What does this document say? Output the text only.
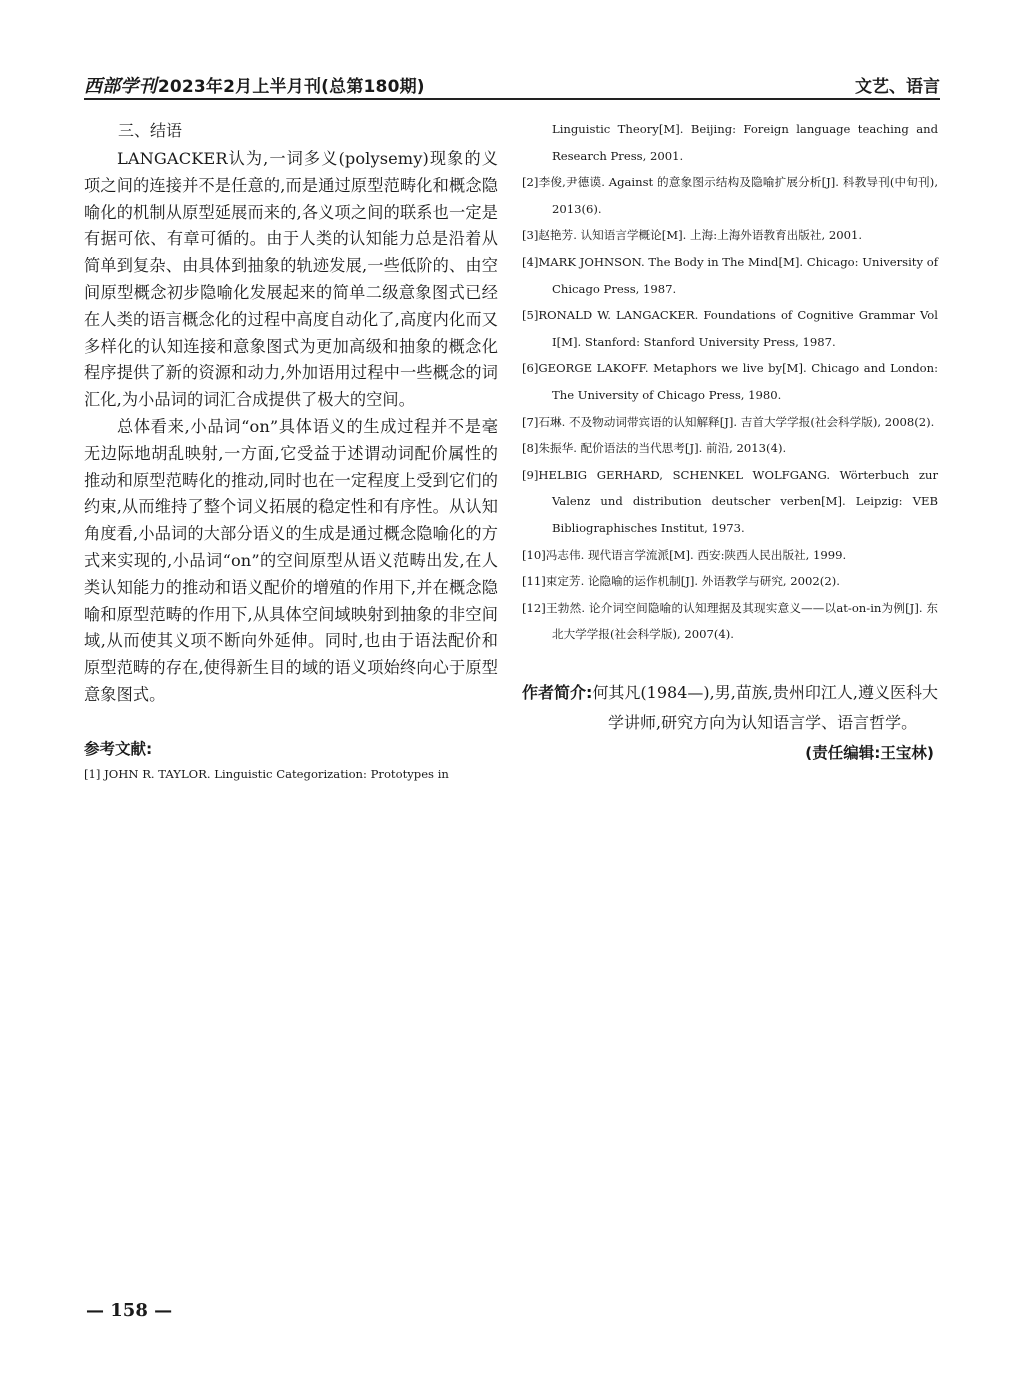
西部学刊2023年2月上半月刊(总第180期)	文艺、语言
三、结语

LANGACKER认为,一词多义(polysemy)现象的义项之间的连接并不是任意的,而是通过原型范畴化和概念隐喻化的机制从原型延展而来的,各义项之间的联系也一定是有据可依、有章可循的。由于人类的认知能力总是沿着从简单到复杂、由具体到抽象的轨迹发展,一些低阶的、由空间原型概念初步隐喻化发展起来的简单二级意象图式已经在人类的语言概念化的过程中高度自动化了,高度内化而又多样化的认知连接和意象图式为更加高级和抽象的概念化程序提供了新的资源和动力,外加语用过程中一些概念的词汇化,为小品词的词汇合成提供了极大的空间。

总体看来,小品词“on”具体语义的生成过程并不是毫无边际地胡乱映射,一方面,它受益于述谓动词配价属性的推动和原型范畴化的推动,同时也在一定程度上受到它们的约束,从而维持了整个词义拓展的稳定性和有序性。从认知角度看,小品词的大部分语义的生成是通过概念隐喻化的方式来实现的,小品词“on”的空间原型从语义范畴出发,在人类认知能力的推动和语义配价的增殖的作用下,并在概念隐喻和原型范畴的作用下,从具体空间域映射到抽象的非空间域,从而使其义项不断向外延伸。同时,也由于语法配价和原型范畴的存在,使得新生目的域的语义项始终向心于原型意象图式。

参考文献:

[1] JOHN R. TAYLOR. Linguistic Categorization: Prototypes in

Linguistic Theory[M]. Beijing: Foreign language teaching and Research Press, 2001.

[2]李俊,尹德谟. Against 的意象图示结构及隐喻扩展分析[J]. 科教导刊(中旬刊), 2013(6).

[3]赵艳芳. 认知语言学概论[M]. 上海:上海外语教育出版社, 2001.

[4]MARK JOHNSON. The Body in The Mind[M]. Chicago: University of Chicago Press, 1987.

[5]RONALD W. LANGACKER. Foundations of Cognitive Grammar Vol Ⅰ[M]. Stanford: Stanford University Press, 1987.

[6]GEORGE LAKOFF. Metaphors we live by[M]. Chicago and London: The University of Chicago Press, 1980.

[7]石琳. 不及物动词带宾语的认知解释[J]. 吉首大学学报(社会科学版), 2008(2).

[8]朱振华. 配价语法的当代思考[J]. 前沿, 2013(4).

[9]HELBIG GERHARD, SCHENKEL WOLFGANG. Wörterbuch zur Valenz und distribution deutscher verben[M]. Leipzig: VEB Bibliographisches Institut, 1973.

[10]冯志伟. 现代语言学流派[M]. 西安:陕西人民出版社, 1999.

[11]束定芳. 论隐喻的运作机制[J]. 外语教学与研究, 2002(2).

[12]王勃然. 论介词空间隐喻的认知理据及其现实意义——以at-on-in为例[J]. 东北大学学报(社会科学版), 2007(4).

作者简介:何其凡(1984—),男,苗族,贵州印江人,遵义医科大学讲师,研究方向为认知语言学、语言哲学。
(责任编辑:王宝林)
— 158 —
